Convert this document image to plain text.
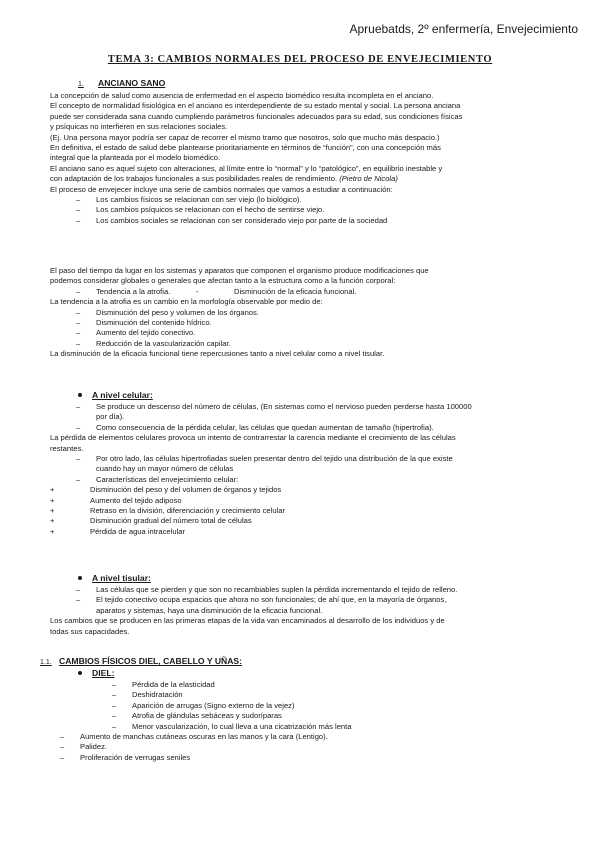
Apruebatds, 2º enfermería, Envejecimiento
TEMA 3: CAMBIOS NORMALES DEL PROCESO DE ENVEJECIMIENTO
1.	ANCIANO SANO

La concepción de salud como ausencia de enfermedad en el aspecto biomédico resulta incompleta en el anciano.

El concepto de normalidad fisiológica en el anciano es interdependiente de su estado mental y social. La persona anciana

puede ser considerada sana cuando cumpliendo parámetros funcionales adecuados para su edad, sus condiciones físicas

y psíquicas no interfieren en sus relaciones sociales.

(Ej. Una persona mayor podría ser capaz de recorrer el mismo tramo que nosotros, solo que mucho más despacio.)

En definitiva, el estado de salud debe plantearse prioritariamente en términos de “función”, con una concepción más

integral que la planteada por el modelo biomédico.

El anciano sano es aquel sujeto con alteraciones, al límite entre lo “normal” y lo “patológico”, en equilibrio inestable y

con adaptación de los trabajos funcionales a sus posibilidades reales de rendimiento. (Pietro de Nicola)

El proceso de envejecer incluye una serie de cambios normales que vamos a estudiar a continuación:

–	Los cambios físicos se relacionan con ser viejo (lo biológico).
–	Los cambios psíquicos se relacionan con el hecho de sentirse viejo.
–	Los cambios sociales se relacionan con ser considerado viejo por parte de la sociedad

El paso del tiempo da lugar en los sistemas y aparatos que componen el organismo produce modificaciones que

podemos considerar globales o generales que afectan tanto a la estructura como a la función corporal:

–	Tendencia a la atrofia.	-	Disminución de la eficacia funcional.

La tendencia a la atrofia es un cambio en la morfología observable por medio de:

–	Disminución del peso y volumen de los órganos.
–	Disminución del contenido hídrico.
–	Aumento del tejido conectivo.
–	Reducción de la vascularización capilar.

La disminución de la eficacia funcional tiene repercusiones tanto a nivel celular como a nivel tisular.

A nivel celular:
–	Se produce un descenso del número de células, (En sistemas como el nervioso pueden perderse hasta 100000
por día).
–	Como consecuencia de la pérdida celular, las células que quedan aumentan de tamaño (hipertrofia).

La pérdida de elementos celulares provoca un intento de contrarrestar la carencia mediante el crecimiento de las células

restantes.

–	Por otro lado, las células hipertrofiadas suelen presentar dentro del tejido una distribución de la que existe
cuando hay un mayor número de células
–	Características del envejecimiento celular:
+	Disminución del peso y del volumen de órganos y tejidos
+	Aumento del tejido adiposo
+	Retraso en la división, diferenciación y crecimiento celular
+	Disminución gradual del número total de células
+	Pérdida de agua intracelular
A nivel tisular:
–	Las células que se pierden y que son no recambiables suplen la pérdida incrementando el tejido de relleno.
–	El tejido conectivo ocupa espacios que ahora no son funcionales; de ahí que, en la mayoría de órganos,
aparatos y sistemas, haya una disminución de la eficacia funcional.

Los cambios que se producen en las primeras etapas de la vida van encaminados al desarrollo de los individuos y de

todas sus capacidades.

1.1. CAMBIOS FÍSICOS DIEL, CABELLO Y UÑAS:
DIEL:
–	Pérdida de la elasticidad
–	Deshidratación
–	Aparición de arrugas (Signo externo de la vejez)
–	Atrofia de glándulas sebáceas y sudoríparas
–	Menor vascularización, lo cual lleva a una cicatrización más lenta
–	Aumento de manchas cutáneas oscuras en las manos y la cara (Lentigo).
–	Palidez.
–	Proliferación de verrugas seniles
